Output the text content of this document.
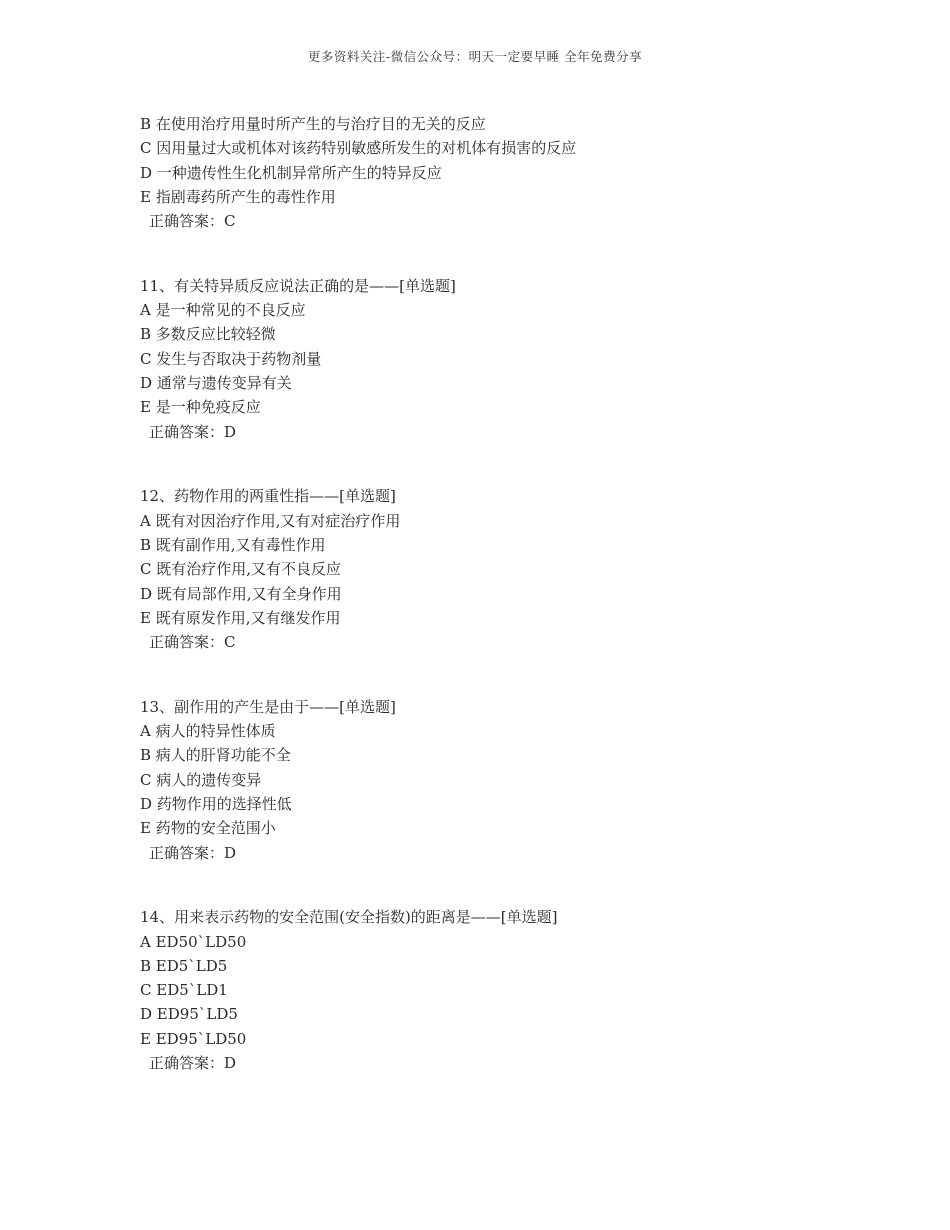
更多资料关注-微信公众号：明天一定要早睡 全年免费分享
B 在使用治疗用量时所产生的与治疗目的无关的反应
C 因用量过大或机体对该药特别敏感所发生的对机体有损害的反应
D 一种遗传性生化机制异常所产生的特异反应
E 指剧毒药所产生的毒性作用
正确答案：C
11、有关特异质反应说法正确的是——[单选题]
A 是一种常见的不良反应
B 多数反应比较轻微
C 发生与否取决于药物剂量
D 通常与遗传变异有关
E 是一种免疫反应
正确答案：D
12、药物作用的两重性指——[单选题]
A 既有对因治疗作用,又有对症治疗作用
B 既有副作用,又有毒性作用
C 既有治疗作用,又有不良反应
D 既有局部作用,又有全身作用
E 既有原发作用,又有继发作用
正确答案：C
13、副作用的产生是由于——[单选题]
A 病人的特异性体质
B 病人的肝肾功能不全
C 病人的遗传变异
D 药物作用的选择性低
E 药物的安全范围小
正确答案：D
14、用来表示药物的安全范围(安全指数)的距离是——[单选题]
A ED50`LD50
B ED5`LD5
C ED5`LD1
D ED95`LD5
E ED95`LD50
正确答案：D
